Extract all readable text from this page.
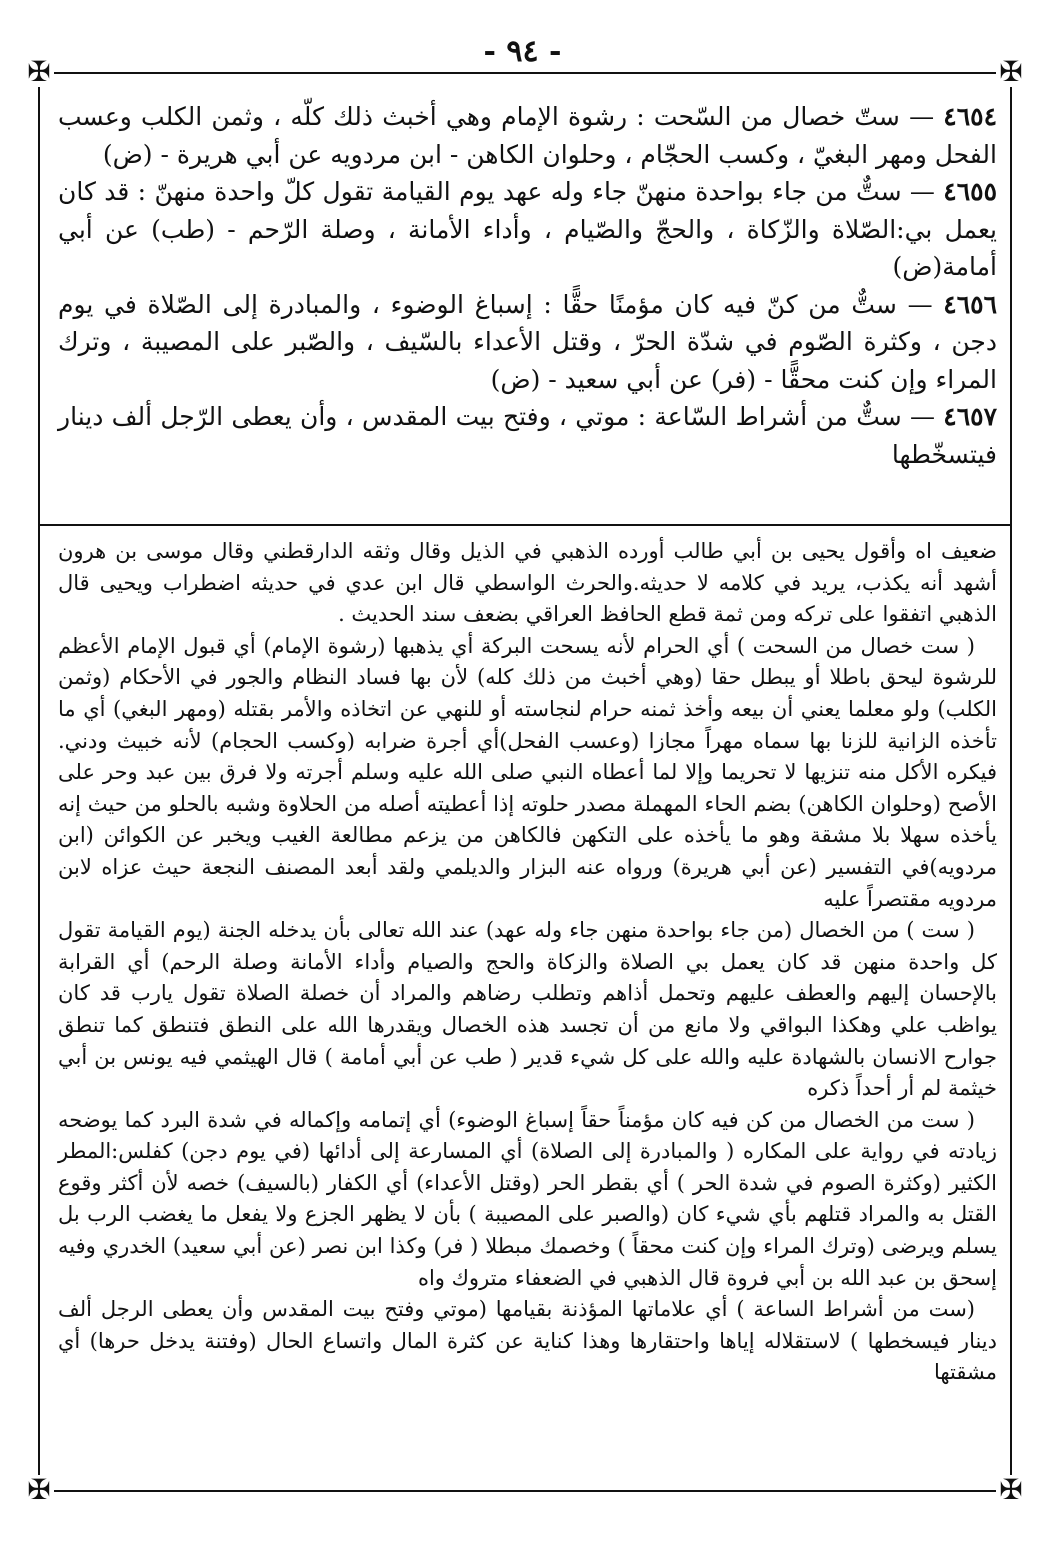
- ٩٤ -
✠	✠
✠	✠

٤٦٥٤ — ستّ خصال من السّحت : رشوة الإمام وهي أخبث ذلك كلّه ، وثمن الكلب وعسب الفحل ومهر البغيّ ، وكسب الحجّام ، وحلوان الكاهن - ابن مردويه عن أبي هريرة - (ض)

٤٦٥٥ — ستٌّ من جاء بواحدة منهنّ جاء وله عهد يوم القيامة تقول كلّ واحدة منهنّ : قد كان يعمل بي:الصّلاة والزّكاة ، والحجّ والصّيام ، وأداء الأمانة ، وصلة الرّحم - (طب) عن أبي أمامة(ض)

٤٦٥٦ — ستٌّ من كنّ فيه كان مؤمنًا حقًّا : إسباغ الوضوء ، والمبادرة إلى الصّلاة في يوم دجن ، وكثرة الصّوم في شدّة الحرّ ، وقتل الأعداء بالسّيف ، والصّبر على المصيبة ، وترك المراء وإن كنت محقًّا - (فر) عن أبي سعيد - (ض)

٤٦٥٧ — ستٌّ من أشراط السّاعة : موتي ، وفتح بيت المقدس ، وأن يعطى الرّجل ألف دينار فيتسخّطها

ضعيف اه وأقول يحيى بن أبي طالب أورده الذهبي في الذيل وقال وثقه الدارقطني وقال موسى بن هرون أشهد أنه يكذب، يريد في كلامه لا حديثه.والحرث الواسطي قال ابن عدي في حديثه اضطراب ويحيى قال الذهبي اتفقوا على تركه ومن ثمة قطع الحافظ العراقي بضعف سند الحديث .

( ست خصال من السحت ) أي الحرام لأنه يسحت البركة أي يذهبها (رشوة الإمام) أي قبول الإمام الأعظم للرشوة ليحق باطلا أو يبطل حقا (وهي أخبث من ذلك كله) لأن بها فساد النظام والجور في الأحكام (وثمن الكلب) ولو معلما يعني أن بيعه وأخذ ثمنه حرام لنجاسته أو للنهي عن اتخاذه والأمر بقتله (ومهر البغي) أي ما تأخذه الزانية للزنا بها سماه مهراً مجازا (وعسب الفحل)أي أجرة ضرابه (وكسب الحجام) لأنه خبيث ودني. فيكره الأكل منه تنزيها لا تحريما وإلا لما أعطاه النبي صلى الله عليه وسلم أجرته ولا فرق بين عبد وحر على الأصح (وحلوان الكاهن) بضم الحاء المهملة مصدر حلوته إذا أعطيته أصله من الحلاوة وشبه بالحلو من حيث إنه يأخذه سهلا بلا مشقة وهو ما يأخذه على التكهن فالكاهن من يزعم مطالعة الغيب ويخبر عن الكوائن (ابن مردويه)في التفسير (عن أبي هريرة) ورواه عنه البزار والديلمي ولقد أبعد المصنف النجعة حيث عزاه لابن مردويه مقتصراً عليه

( ست ) من الخصال (من جاء بواحدة منهن جاء وله عهد) عند الله تعالى بأن يدخله الجنة (يوم القيامة تقول كل واحدة منهن قد كان يعمل بي الصلاة والزكاة والحج والصيام وأداء الأمانة وصلة الرحم) أي القرابة بالإحسان إليهم والعطف عليهم وتحمل أذاهم وتطلب رضاهم والمراد أن خصلة الصلاة تقول يارب قد كان يواظب علي وهكذا البواقي ولا مانع من أن تجسد هذه الخصال ويقدرها الله على النطق فتنطق كما تنطق جوارح الانسان بالشهادة عليه والله على كل شيء قدير ( طب عن أبي أمامة ) قال الهيثمي فيه يونس بن أبي خيثمة لم أر أحداً ذكره

( ست من الخصال من كن فيه كان مؤمناً حقاً إسباغ الوضوء) أي إتمامه وإكماله في شدة البرد كما يوضحه زيادته في رواية على المكاره ( والمبادرة إلى الصلاة) أي المسارعة إلى أدائها (في يوم دجن) كفلس:المطر الكثير (وكثرة الصوم في شدة الحر ) أي بقطر الحر (وقتل الأعداء) أي الكفار (بالسيف) خصه لأن أكثر وقوع القتل به والمراد قتلهم بأي شيء كان (والصبر على المصيبة ) بأن لا يظهر الجزع ولا يفعل ما يغضب الرب بل يسلم ويرضى (وترك المراء وإن كنت محقاً ) وخصمك مبطلا ( فر) وكذا ابن نصر (عن أبي سعيد) الخدري وفيه إسحق بن عبد الله بن أبي فروة قال الذهبي في الضعفاء متروك واه

(ست من أشراط الساعة ) أي علاماتها المؤذنة بقيامها (موتي وفتح بيت المقدس وأن يعطى الرجل ألف دينار فيسخطها ) لاستقلاله إياها واحتقارها وهذا كناية عن كثرة المال واتساع الحال (وفتنة يدخل حرها) أي مشقتها
